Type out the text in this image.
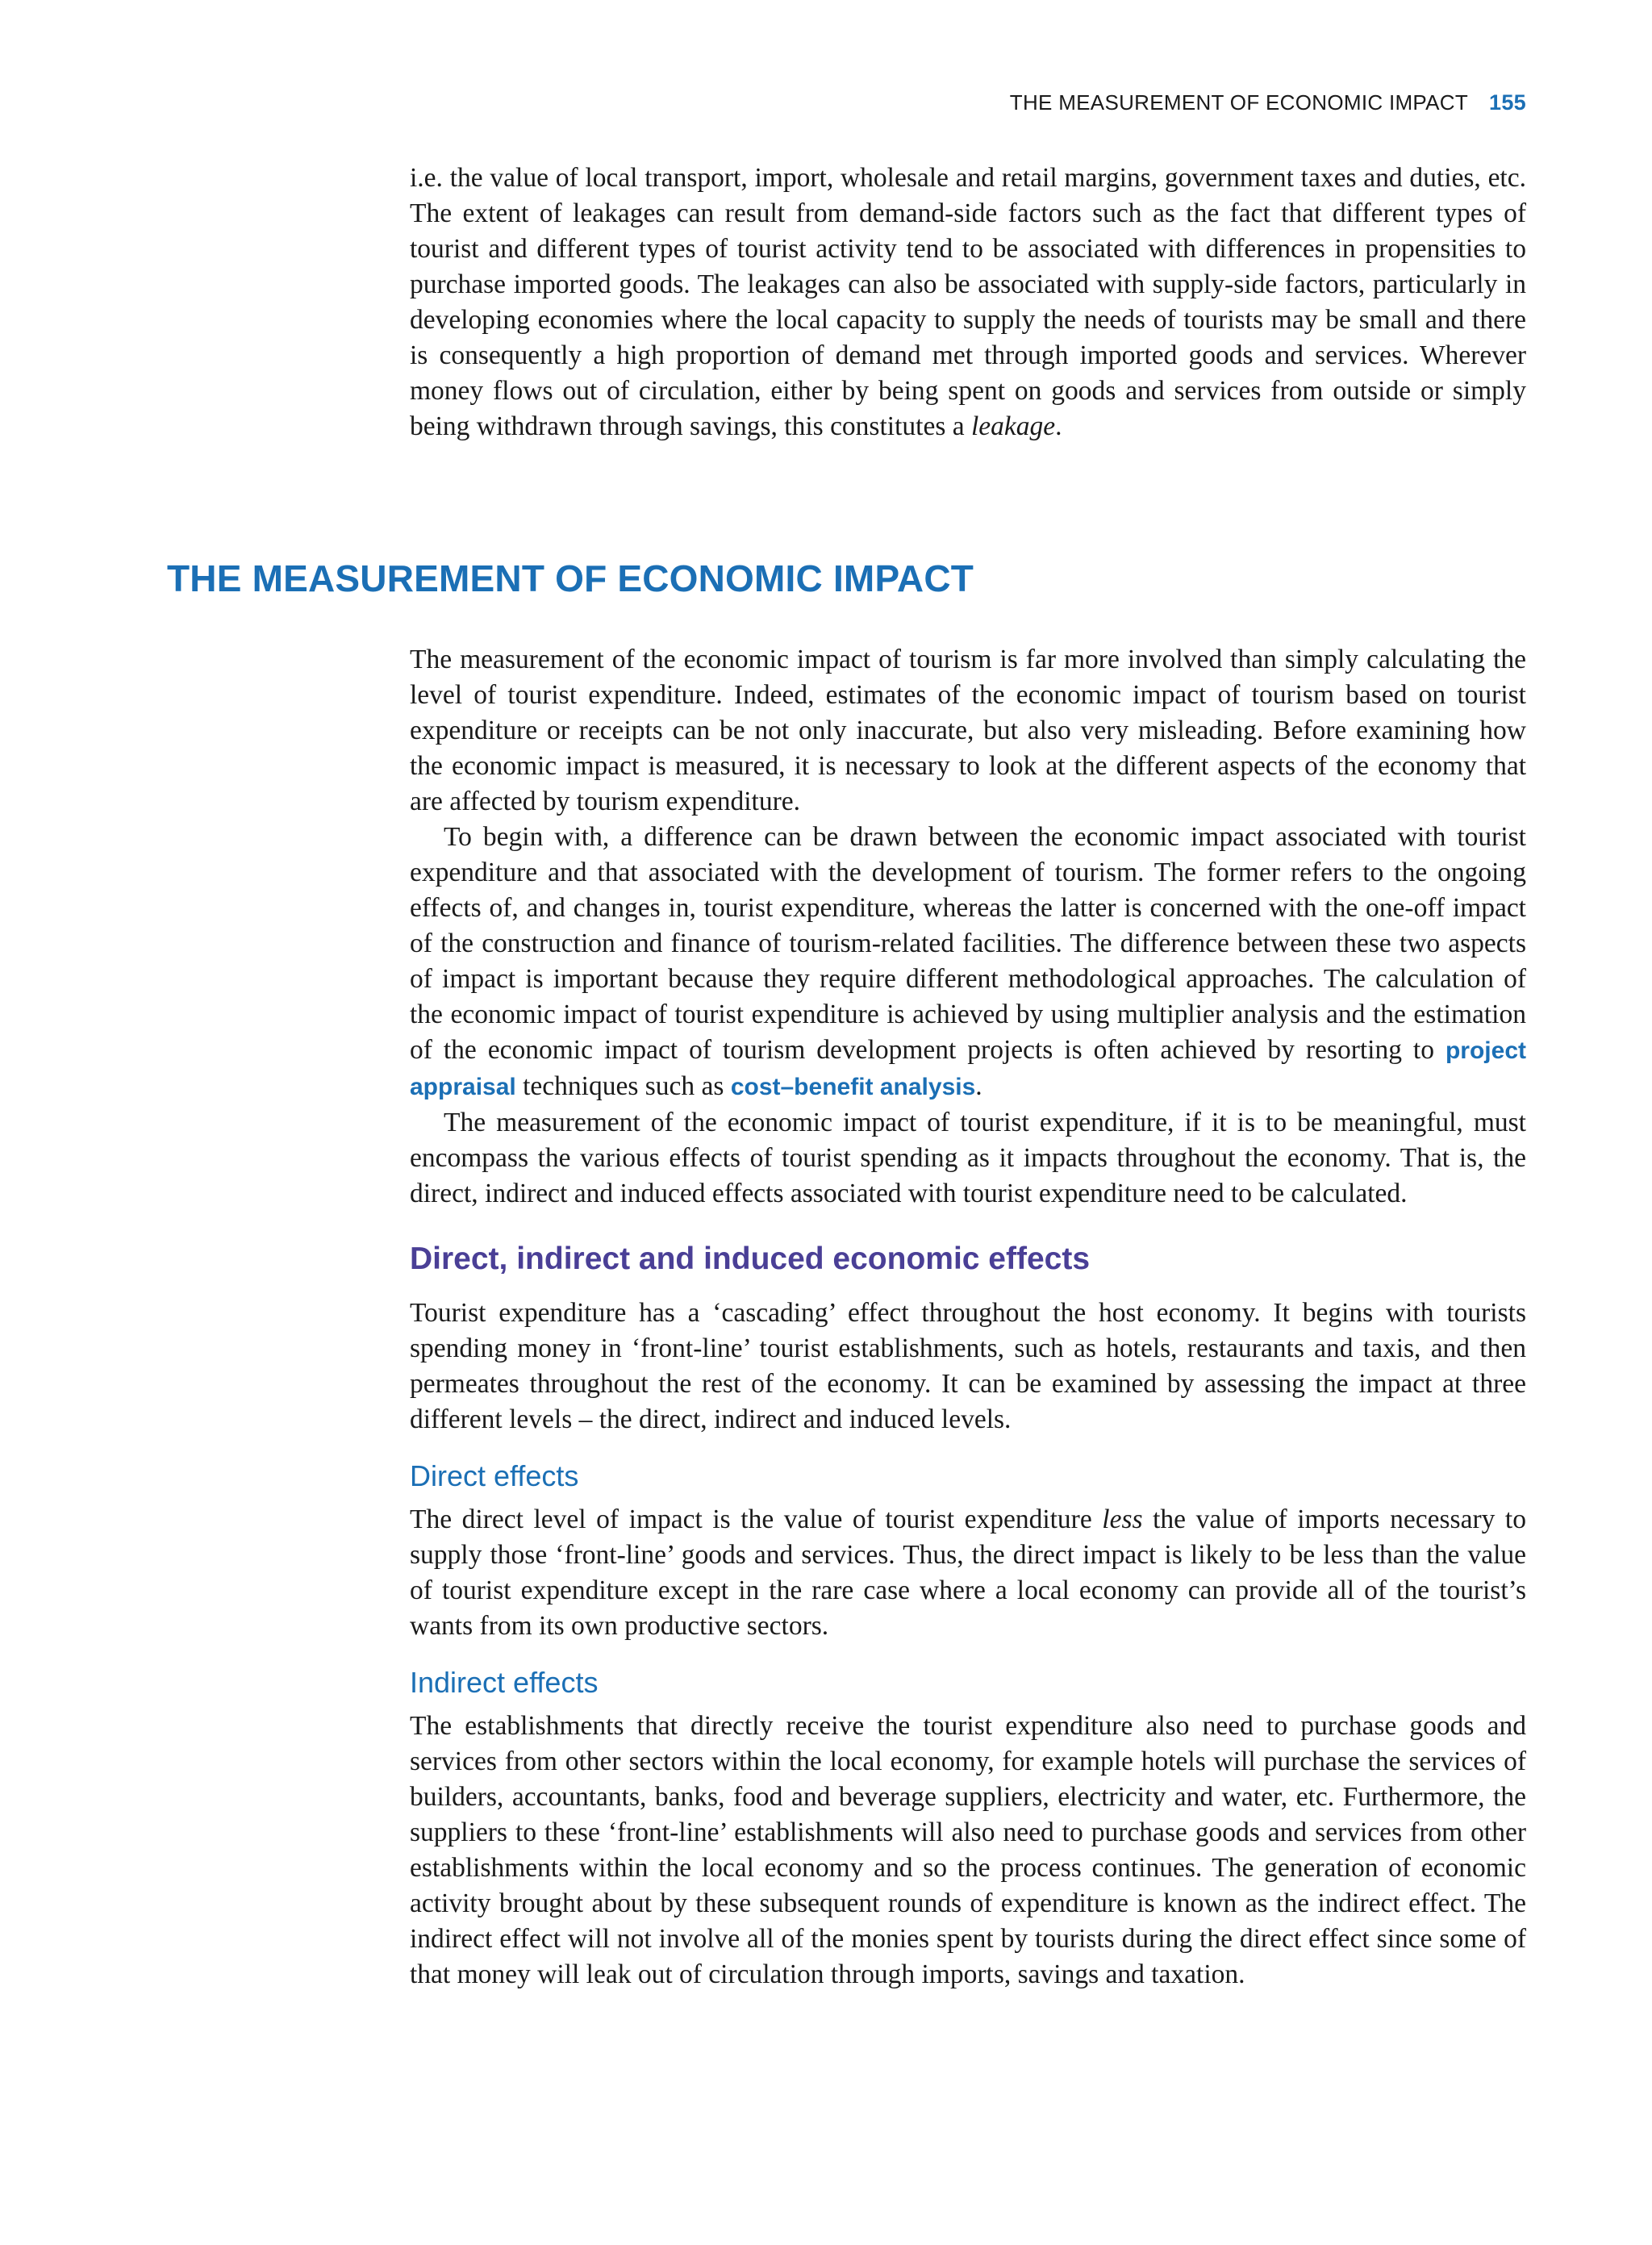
THE MEASUREMENT OF ECONOMIC IMPACT 155

i.e. the value of local transport, import, wholesale and retail margins, government taxes and duties, etc. The extent of leakages can result from demand-side factors such as the fact that different types of tourist and different types of tourist activity tend to be associated with differences in propensities to purchase imported goods. The leakages can also be associated with supply-side factors, particularly in developing economies where the local capacity to supply the needs of tourists may be small and there is consequently a high proportion of demand met through imported goods and services. Wherever money flows out of circulation, either by being spent on goods and services from outside or simply being withdrawn through savings, this constitutes a leakage.

THE MEASUREMENT OF ECONOMIC IMPACT

The measurement of the economic impact of tourism is far more involved than simply calculating the level of tourist expenditure. Indeed, estimates of the economic impact of tourism based on tourist expenditure or receipts can be not only inaccurate, but also very misleading. Before examining how the economic impact is measured, it is necessary to look at the different aspects of the economy that are affected by tourism expenditure.

To begin with, a difference can be drawn between the economic impact associated with tourist expenditure and that associated with the development of tourism. The former refers to the ongoing effects of, and changes in, tourist expenditure, whereas the latter is concerned with the one-off impact of the construction and finance of tourism-related facilities. The difference between these two aspects of impact is important because they require different methodological approaches. The calculation of the economic impact of tourist expenditure is achieved by using multiplier analysis and the estimation of the economic impact of tourism development projects is often achieved by resorting to project appraisal techniques such as cost–benefit analysis.

The measurement of the economic impact of tourist expenditure, if it is to be meaningful, must encompass the various effects of tourist spending as it impacts throughout the economy. That is, the direct, indirect and induced effects associated with tourist expenditure need to be calculated.

Direct, indirect and induced economic effects

Tourist expenditure has a ‘cascading’ effect throughout the host economy. It begins with tourists spending money in ‘front-line’ tourist establishments, such as hotels, restaurants and taxis, and then permeates throughout the rest of the economy. It can be examined by assessing the impact at three different levels – the direct, indirect and induced levels.

Direct effects

The direct level of impact is the value of tourist expenditure less the value of imports necessary to supply those ‘front-line’ goods and services. Thus, the direct impact is likely to be less than the value of tourist expenditure except in the rare case where a local economy can provide all of the tourist’s wants from its own productive sectors.

Indirect effects

The establishments that directly receive the tourist expenditure also need to purchase goods and services from other sectors within the local economy, for example hotels will purchase the services of builders, accountants, banks, food and beverage suppliers, electricity and water, etc. Furthermore, the suppliers to these ‘front-line’ establishments will also need to purchase goods and services from other establishments within the local economy and so the process continues. The generation of economic activity brought about by these subsequent rounds of expenditure is known as the indirect effect. The indirect effect will not involve all of the monies spent by tourists during the direct effect since some of that money will leak out of circulation through imports, savings and taxation.
